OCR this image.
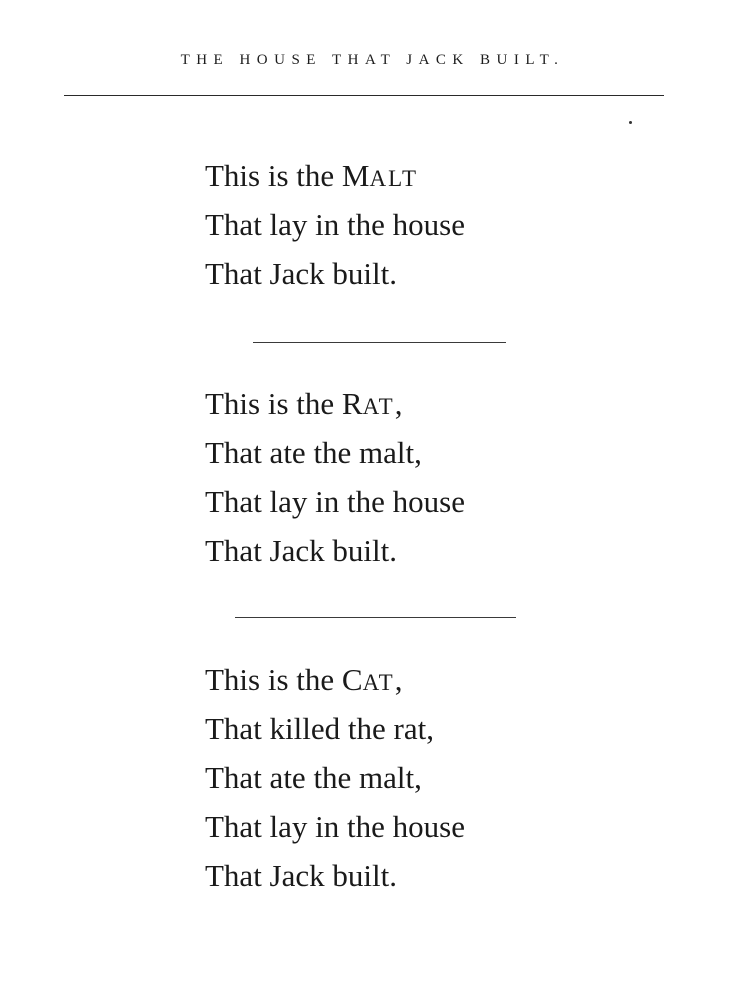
THE HOUSE THAT JACK BUILT.
This is the MALT
That lay in the house
That Jack built.
This is the RAT,
That ate the malt,
That lay in the house
That Jack built.
This is the CAT,
That killed the rat,
That ate the malt,
That lay in the house
That Jack built.
